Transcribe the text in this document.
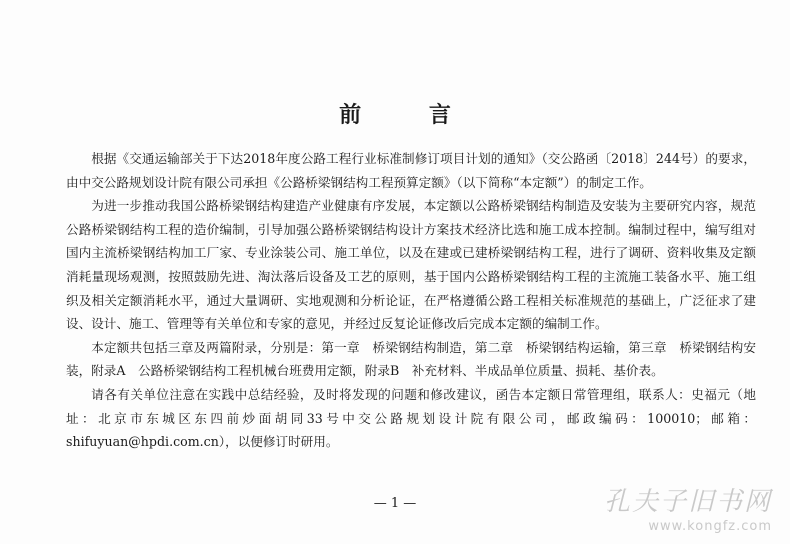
前 言

根据《交通运输部关于下达2018年度公路工程行业标准制修订项目计划的通知》（交公路函〔2018〕244号）的要求，由中交公路规划设计院有限公司承担《公路桥梁钢结构工程预算定额》（以下简称“本定额”）的制定工作。

为进一步推动我国公路桥梁钢结构建造产业健康有序发展，本定额以公路桥梁钢结构制造及安装为主要研究内容，规范公路桥梁钢结构工程的造价编制，引导加强公路桥梁钢结构设计方案技术经济比选和施工成本控制。编制过程中，编写组对国内主流桥梁钢结构加工厂家、专业涂装公司、施工单位，以及在建或已建桥梁钢结构工程，进行了调研、资料收集及定额消耗量现场观测，按照鼓励先进、淘汰落后设备及工艺的原则，基于国内公路桥梁钢结构工程的主流施工装备水平、施工组织及相关定额消耗水平，通过大量调研、实地观测和分析论证，在严格遵循公路工程相关标准规范的基础上，广泛征求了建设、设计、施工、管理等有关单位和专家的意见，并经过反复论证修改后完成本定额的编制工作。

本定额共包括三章及两篇附录，分别是：第一章　桥梁钢结构制造，第二章　桥梁钢结构运输，第三章　桥梁钢结构安装，附录A　公路桥梁钢结构工程机械台班费用定额，附录B　补充材料、半成品单位质量、损耗、基价表。

请各有关单位注意在实践中总结经验，及时将发现的问题和修改建议，函告本定额日常管理组，联系人：史福元（地址：北京市东城区东四前炒面胡同33号中交公路规划设计院有限公司，邮政编码：100010；邮箱：shifuyuan@hpdi.com.cn），以便修订时研用。

— 1 —	孔夫子旧书网
www.kongfz.com
